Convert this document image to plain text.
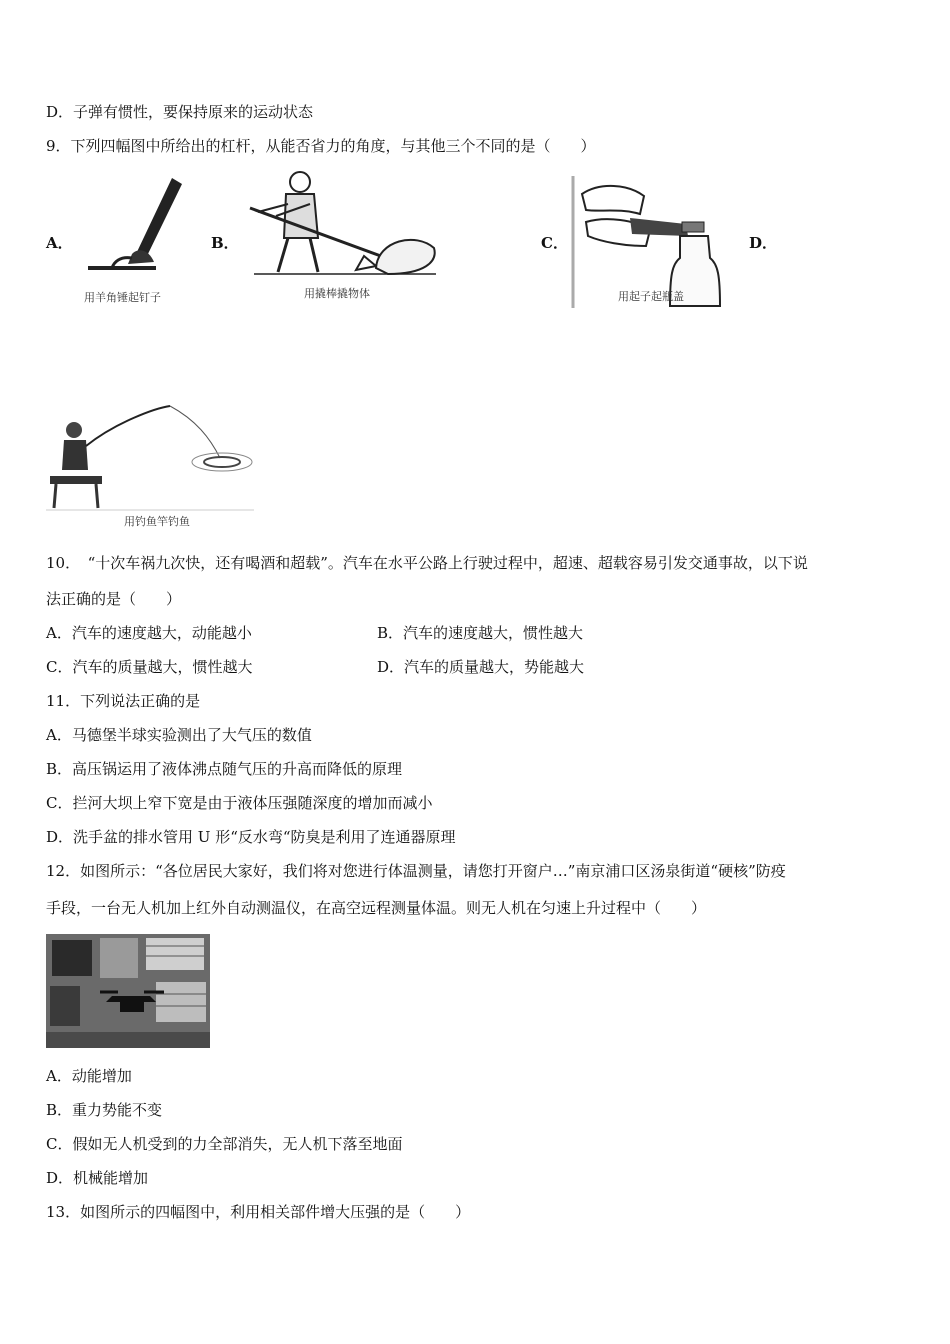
D．子弹有惯性，要保持原来的运动状态
9．下列四幅图中所给出的杠杆，从能否省力的角度，与其他三个不同的是（　　）
A．	B．	C．	D．
用羊角锤起钉子	用撬棒撬物体	用起子起瓶盖
用钓鱼竿钓鱼
10．　“十次车祸九次快，还有喝酒和超载”。汽车在水平公路上行驶过程中，超速、超载容易引发交通事故，以下说
法正确的是（　　）
A．汽车的速度越大，动能越小	B．汽车的速度越大，惯性越大
C．汽车的质量越大，惯性越大	D．汽车的质量越大，势能越大
11．下列说法正确的是
A．马德堡半球实验测出了大气压的数值
B．高压锅运用了液体沸点随气压的升高而降低的原理
C．拦河大坝上窄下宽是由于液体压强随深度的增加而减小
D．洗手盆的排水管用 U 形“反水弯“防臭是利用了连通器原理
12．如图所示：“各位居民大家好，我们将对您进行体温测量，请您打开窗户…”南京浦口区汤泉街道“硬核”防疫
手段，一台无人机加上红外自动测温仪，在高空远程测量体温。则无人机在匀速上升过程中（　　）
A．动能增加
B．重力势能不变
C．假如无人机受到的力全部消失，无人机下落至地面
D．机械能增加
13．如图所示的四幅图中，利用相关部件增大压强的是（　　）
